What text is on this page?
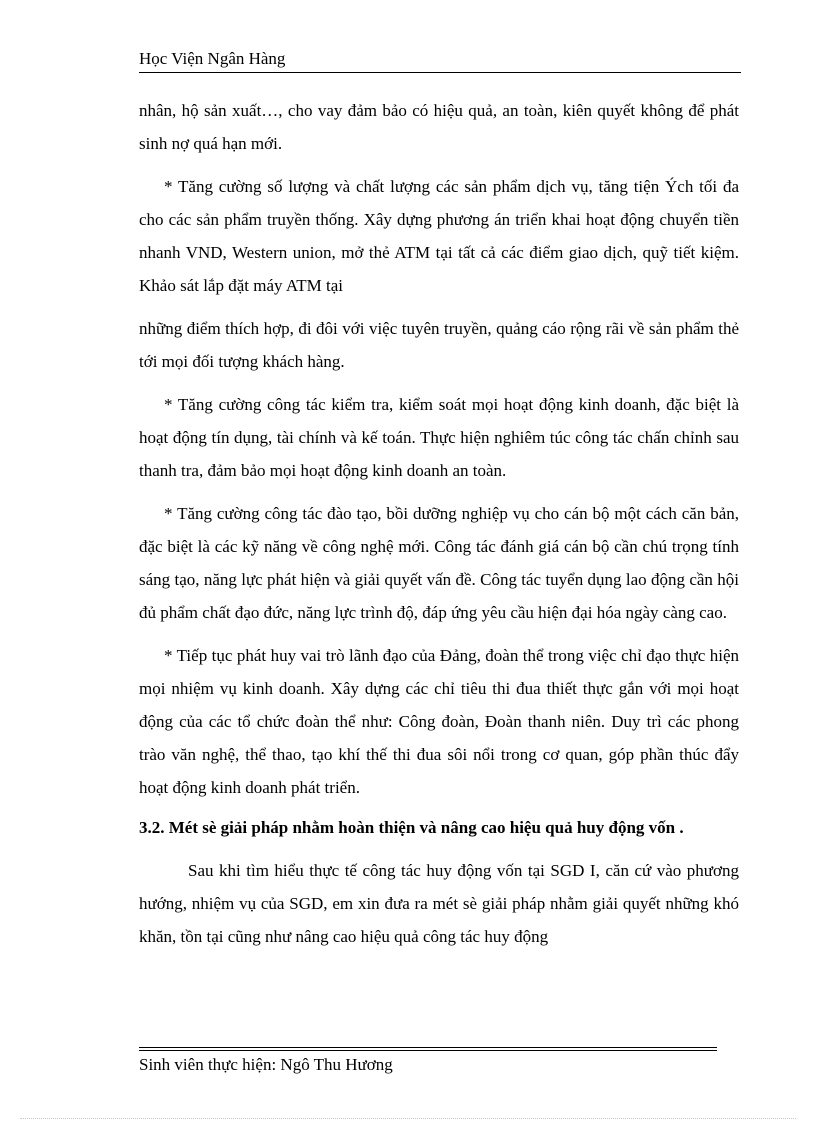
Học Viện Ngân Hàng

nhân, hộ sản xuất…, cho vay đảm bảo có hiệu quả, an toàn, kiên quyết không để phát sinh nợ quá hạn mới.

* Tăng cường số lượng và chất lượng các sản phẩm dịch vụ, tăng tiện Ých tối đa cho các sản phẩm truyền thống. Xây dựng phương án triển khai hoạt động chuyển tiền nhanh VND, Western union, mở thẻ ATM tại tất cả các điểm giao dịch, quỹ tiết kiệm. Khảo sát lắp đặt máy ATM tại

những điểm thích hợp, đi đôi với việc tuyên truyền, quảng cáo rộng rãi về sản phẩm thẻ tới mọi đối tượng khách hàng.

* Tăng cường công tác kiểm tra, kiểm soát mọi hoạt động kinh doanh, đặc biệt là hoạt động tín dụng, tài chính và kế toán. Thực hiện nghiêm túc công tác chấn chỉnh sau thanh tra, đảm bảo mọi hoạt động kinh doanh an toàn.

* Tăng cường công tác đào tạo, bồi dưỡng nghiệp vụ cho cán bộ một cách căn bản, đặc biệt là các kỹ năng về công nghệ mới. Công tác đánh giá cán bộ cần chú trọng tính sáng tạo, năng lực phát hiện và giải quyết vấn đề. Công tác tuyển dụng lao động cần hội đủ phẩm chất đạo đức, năng lực trình độ, đáp ứng yêu cầu hiện đại hóa ngày càng cao.

* Tiếp tục phát huy vai trò lãnh đạo của Đảng, đoàn thể trong việc chỉ đạo thực hiện mọi nhiệm vụ kinh doanh. Xây dựng các chỉ tiêu thi đua thiết thực gắn với mọi hoạt động của các tổ chức đoàn thể như: Công đoàn, Đoàn thanh niên. Duy trì các phong trào văn nghệ, thể thao, tạo khí thế thi đua sôi nổi trong cơ quan, góp phần thúc đẩy hoạt động kinh doanh phát triển.

3.2. Mét sè giải pháp nhằm hoàn thiện và nâng cao hiệu quả huy động vốn .

Sau khi tìm hiểu thực tế công tác huy động vốn tại SGD I, căn cứ vào phương hướng, nhiệm vụ của SGD, em xin đưa ra mét sè giải pháp nhằm giải quyết những khó khăn, tồn tại cũng như nâng cao hiệu quả công tác huy động

Sinh viên thực hiện: Ngô Thu Hương
